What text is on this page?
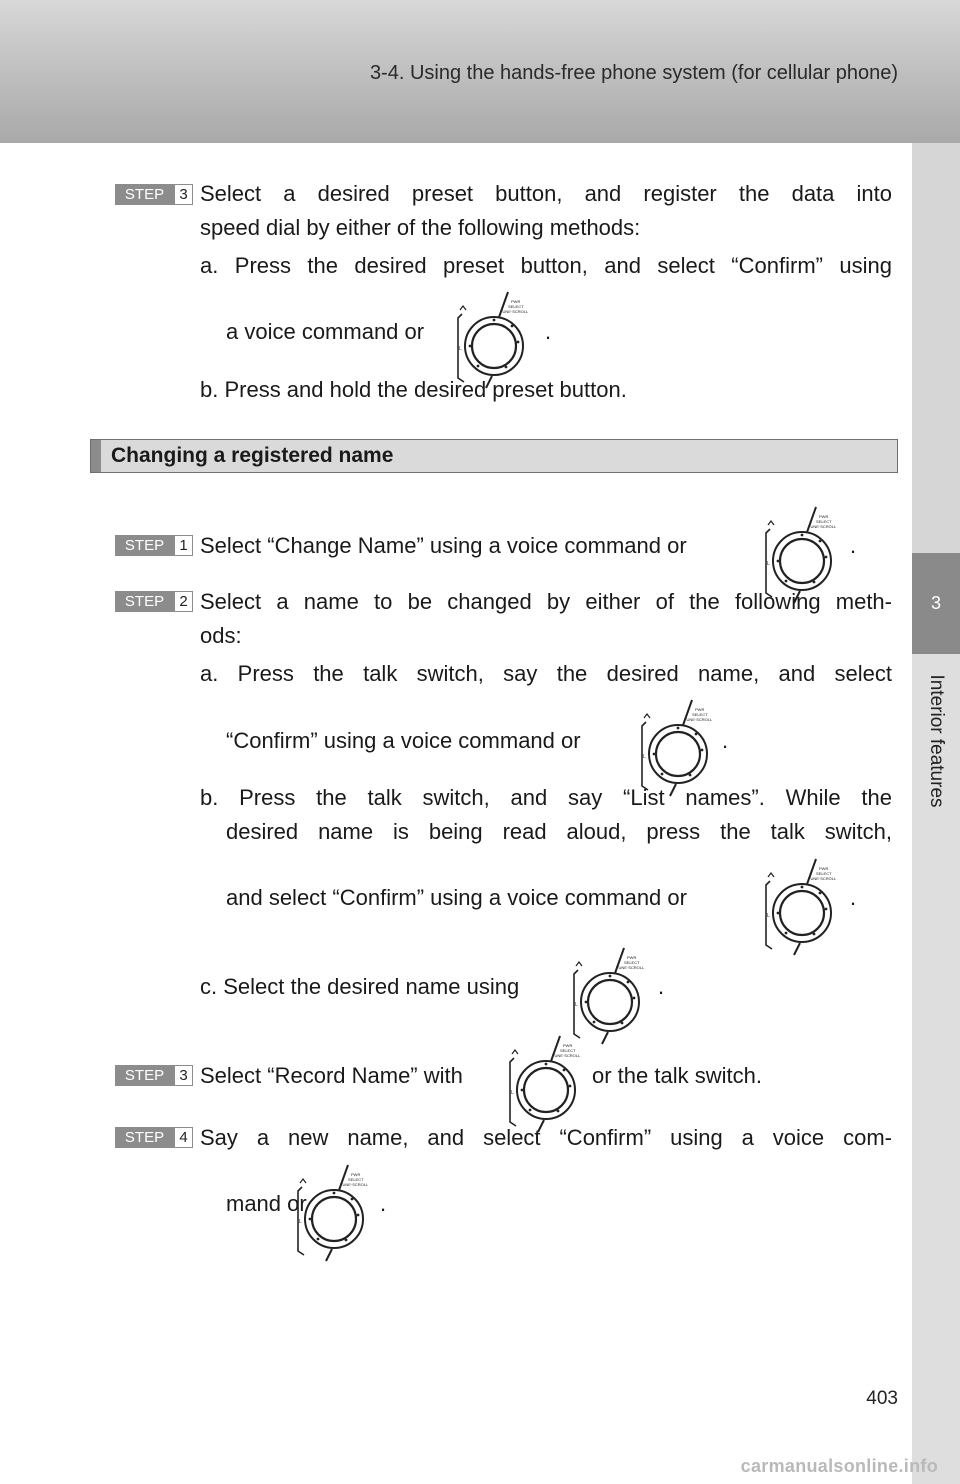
3-4. Using the hands-free phone system (for cellular phone)
3
Interior features
STEP	3 Select a desired preset button, and register the data into
speed dial by either of the following methods:
a. Press the desired preset button, and select “Confirm” using
a voice command or	.
b. Press and hold the desired preset button.
Changing a registered name
STEP	1 Select “Change Name” using a voice command or	.
STEP	2 Select a name to be changed by either of the following meth-
ods:
a. Press the talk switch, say the desired name, and select
“Confirm” using a voice command or	.
b. Press the talk switch, and say “List names”. While the
desired name is being read aloud, press the talk switch,
and select “Confirm” using a voice command or	.
c. Select the desired name using	.
STEP	3 Select “Record Name” with	or the talk switch.
STEP	4 Say a new name, and select “Confirm” using a voice com-
mand or	.
403
carmanualsonline.info
